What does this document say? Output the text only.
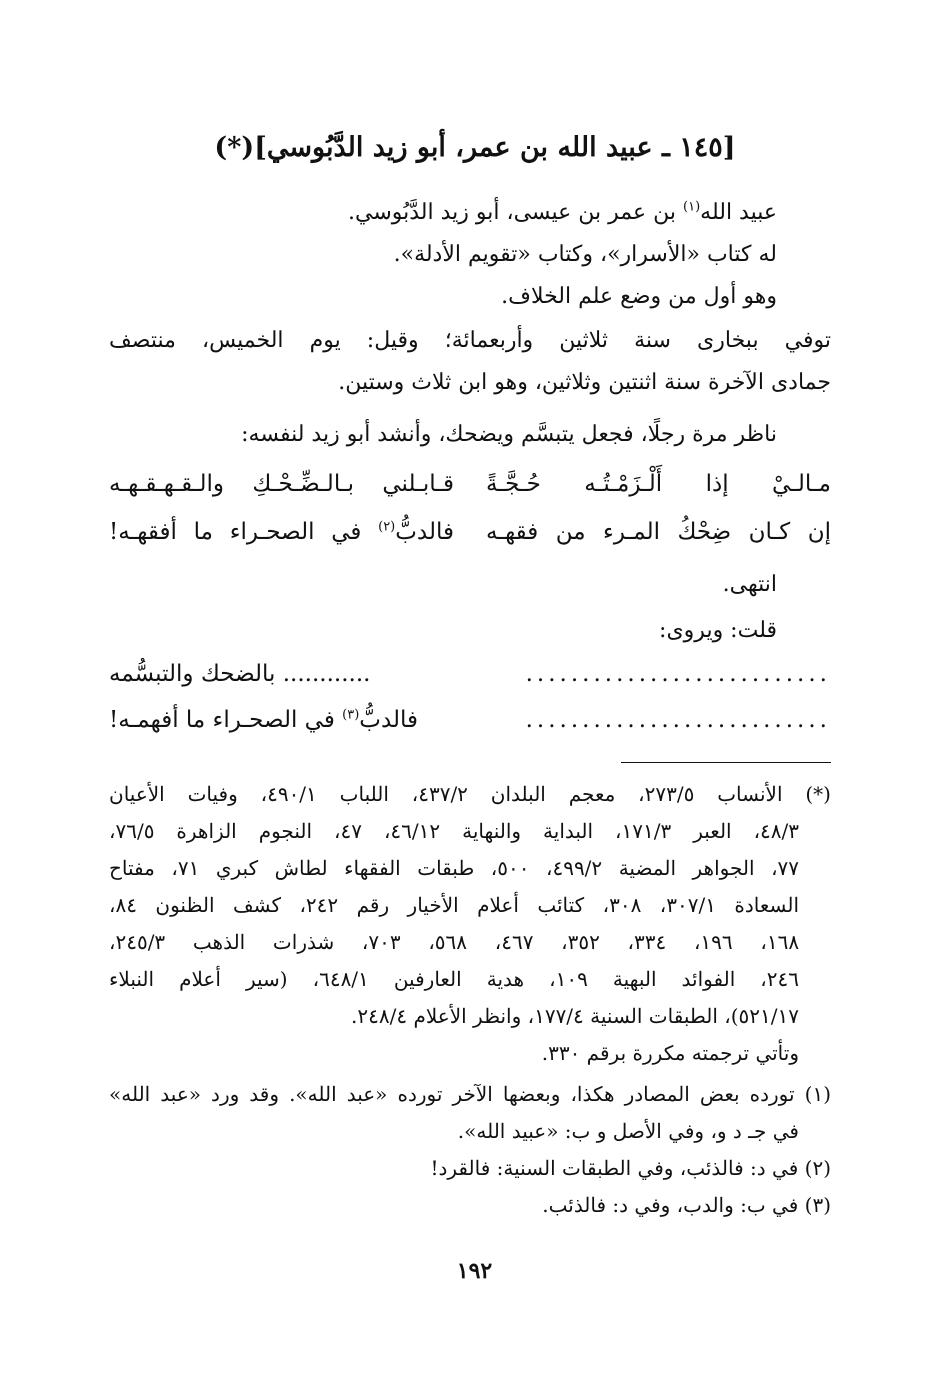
[١٤٥ ـ عبيد الله بن عمر، أبو زيد الدَّبُوسي](*)
عبيد الله$^{(١)}$ بن عمر بن عيسى، أبو زيد الدَّبُوسي.
له كتاب «الأسرار»، وكتاب «تقويم الأدلة».
وهو أول من وضع علم الخلاف.
توفي ببخارى سنة ثلاثين وأربعمائة؛ وقيل: يوم الخميس، منتصف
جمادى الآخرة سنة اثنتين وثلاثين، وهو ابن ثلاث وستين.
ناظر مرة رجلًا، فجعل يتبسَّم ويضحك، وأنشد أبو زيد لنفسه:
مـالـيْ إذا أَلْـزَمْـتُـه حُـجَّـةً
قـابـلني بـالـضِّـحْـكِ والـقـهـقـهـه
إن كـان ضِحْكُ المـرء من فقهـه
فالدبُّ$^{(٢)}$ في الصحـراء ما أفقهـه!
انتهى.
قلت: ويروى:
...........................
............ بالضحك والتبسُّمه
...........................
فالدبُّ$^{(٣)}$ في الصحـراء ما أفهمـه!
(*) الأنساب ٢٧٣/٥، معجم البلدان ٤٣٧/٢، اللباب ٤٩٠/١، وفيات الأعيان
٤٨/٣، العبر ١٧١/٣، البداية والنهاية ٤٦/١٢، ٤٧، النجوم الزاهرة ٧٦/٥،
٧٧، الجواهر المضية ٤٩٩/٢، ٥٠٠، طبقات الفقهاء لطاش كبري ٧١، مفتاح
السعادة ٣٠٧/١، ٣٠٨، كتائب أعلام الأخيار رقم ٢٤٢، كشف الظنون ٨٤،
١٦٨، ١٩٦، ٣٣٤، ٣٥٢، ٤٦٧، ٥٦٨، ٧٠٣، شذرات الذهب ٢٤٥/٣،
٢٤٦، الفوائد البهية ١٠٩، هدية العارفين ٦٤٨/١، (سير أعلام النبلاء
٥٢١/١٧)، الطبقات السنية ١٧٧/٤، وانظر الأعلام ٢٤٨/٤.
وتأتي ترجمته مكررة برقم ٣٣٠.
(١) تورده بعض المصادر هكذا، وبعضها الآخر تورده «عبد الله». وقد ورد «عبد الله»
في جـ د و، وفي الأصل و ب: «عبيد الله».
(٢) في د: فالذئب، وفي الطبقات السنية: فالقرد!
(٣) في ب: والدب، وفي د: فالذئب.
١٩٢
